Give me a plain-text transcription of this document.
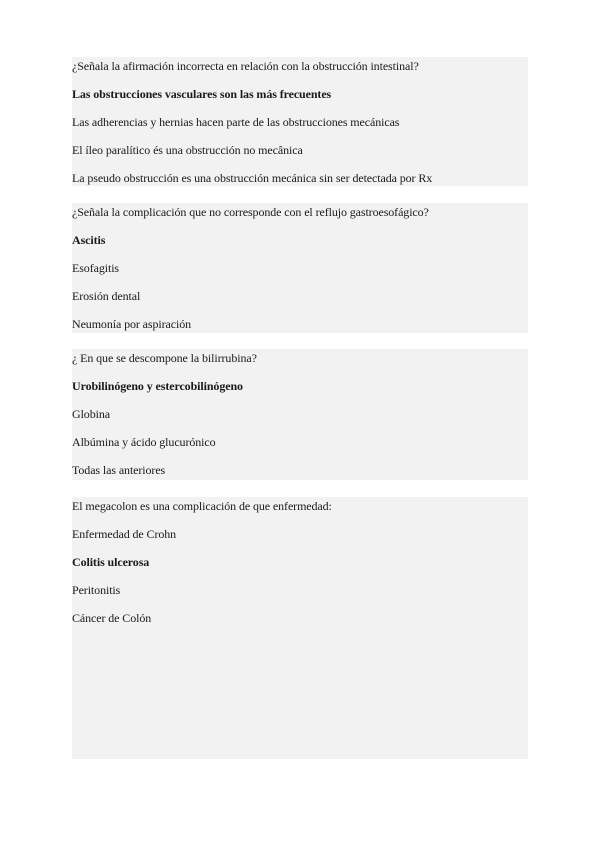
¿Señala la afirmación incorrecta en relación con la obstrucción intestinal?
Las obstrucciones vasculares son las más frecuentes
Las adherencias y hernias hacen parte de las obstrucciones mecánicas
El íleo paralítico és una obstrucción no mecânica
La pseudo obstrucción es una obstrucción mecánica sin ser detectada por Rx
¿Señala la complicación que no corresponde con el reflujo gastroesofágico?
Ascitis
Esofagitis
Erosión dental
Neumonía por aspiración
¿ En que se descompone la bilirrubina?
Urobilinógeno y estercobilinógeno
Globina
Albúmina y ácido glucurónico
Todas las anteriores
El megacolon es una complicación de que enfermedad:
Enfermedad de Crohn
Colitis ulcerosa
Peritonitis
Cáncer de Colón
